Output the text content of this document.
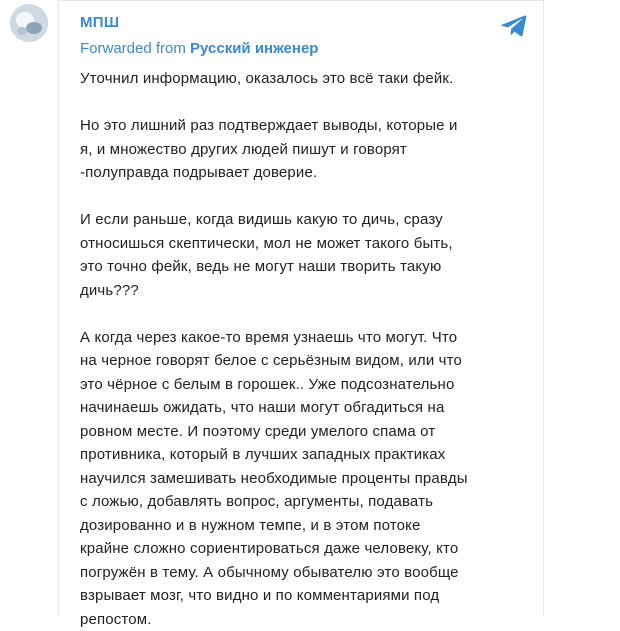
МПШ
Forwarded from Русский инженер
Уточнил информацию, оказалось это всё таки фейк.

Но это лишний раз подтверждает выводы, которые и
я, и множество других людей пишут и говорят
-полуправда подрывает доверие.

И если раньше, когда видишь какую то дичь, сразу
относишься скептически, мол не может такого быть,
это точно фейк, ведь не могут наши творить такую
дичь???

А когда через какое-то время узнаешь что могут. Что
на черное говорят белое с серьёзным видом, или что
это чёрное с белым в горошек.. Уже подсознательно
начинаешь ожидать, что наши могут обгадиться на
ровном месте. И поэтому среди умелого спама от
противника, который в лучших западных практиках
научился замешивать необходимые проценты правды
с ложью, добавлять вопрос, аргументы, подавать
дозированно и в нужном темпе, и в этом потоке
крайне сложно сориентироваться даже человеку, кто
погружён в тему. А обычному обывателю это вообще
взрывает мозг, что видно и по комментариями под
репостом.
